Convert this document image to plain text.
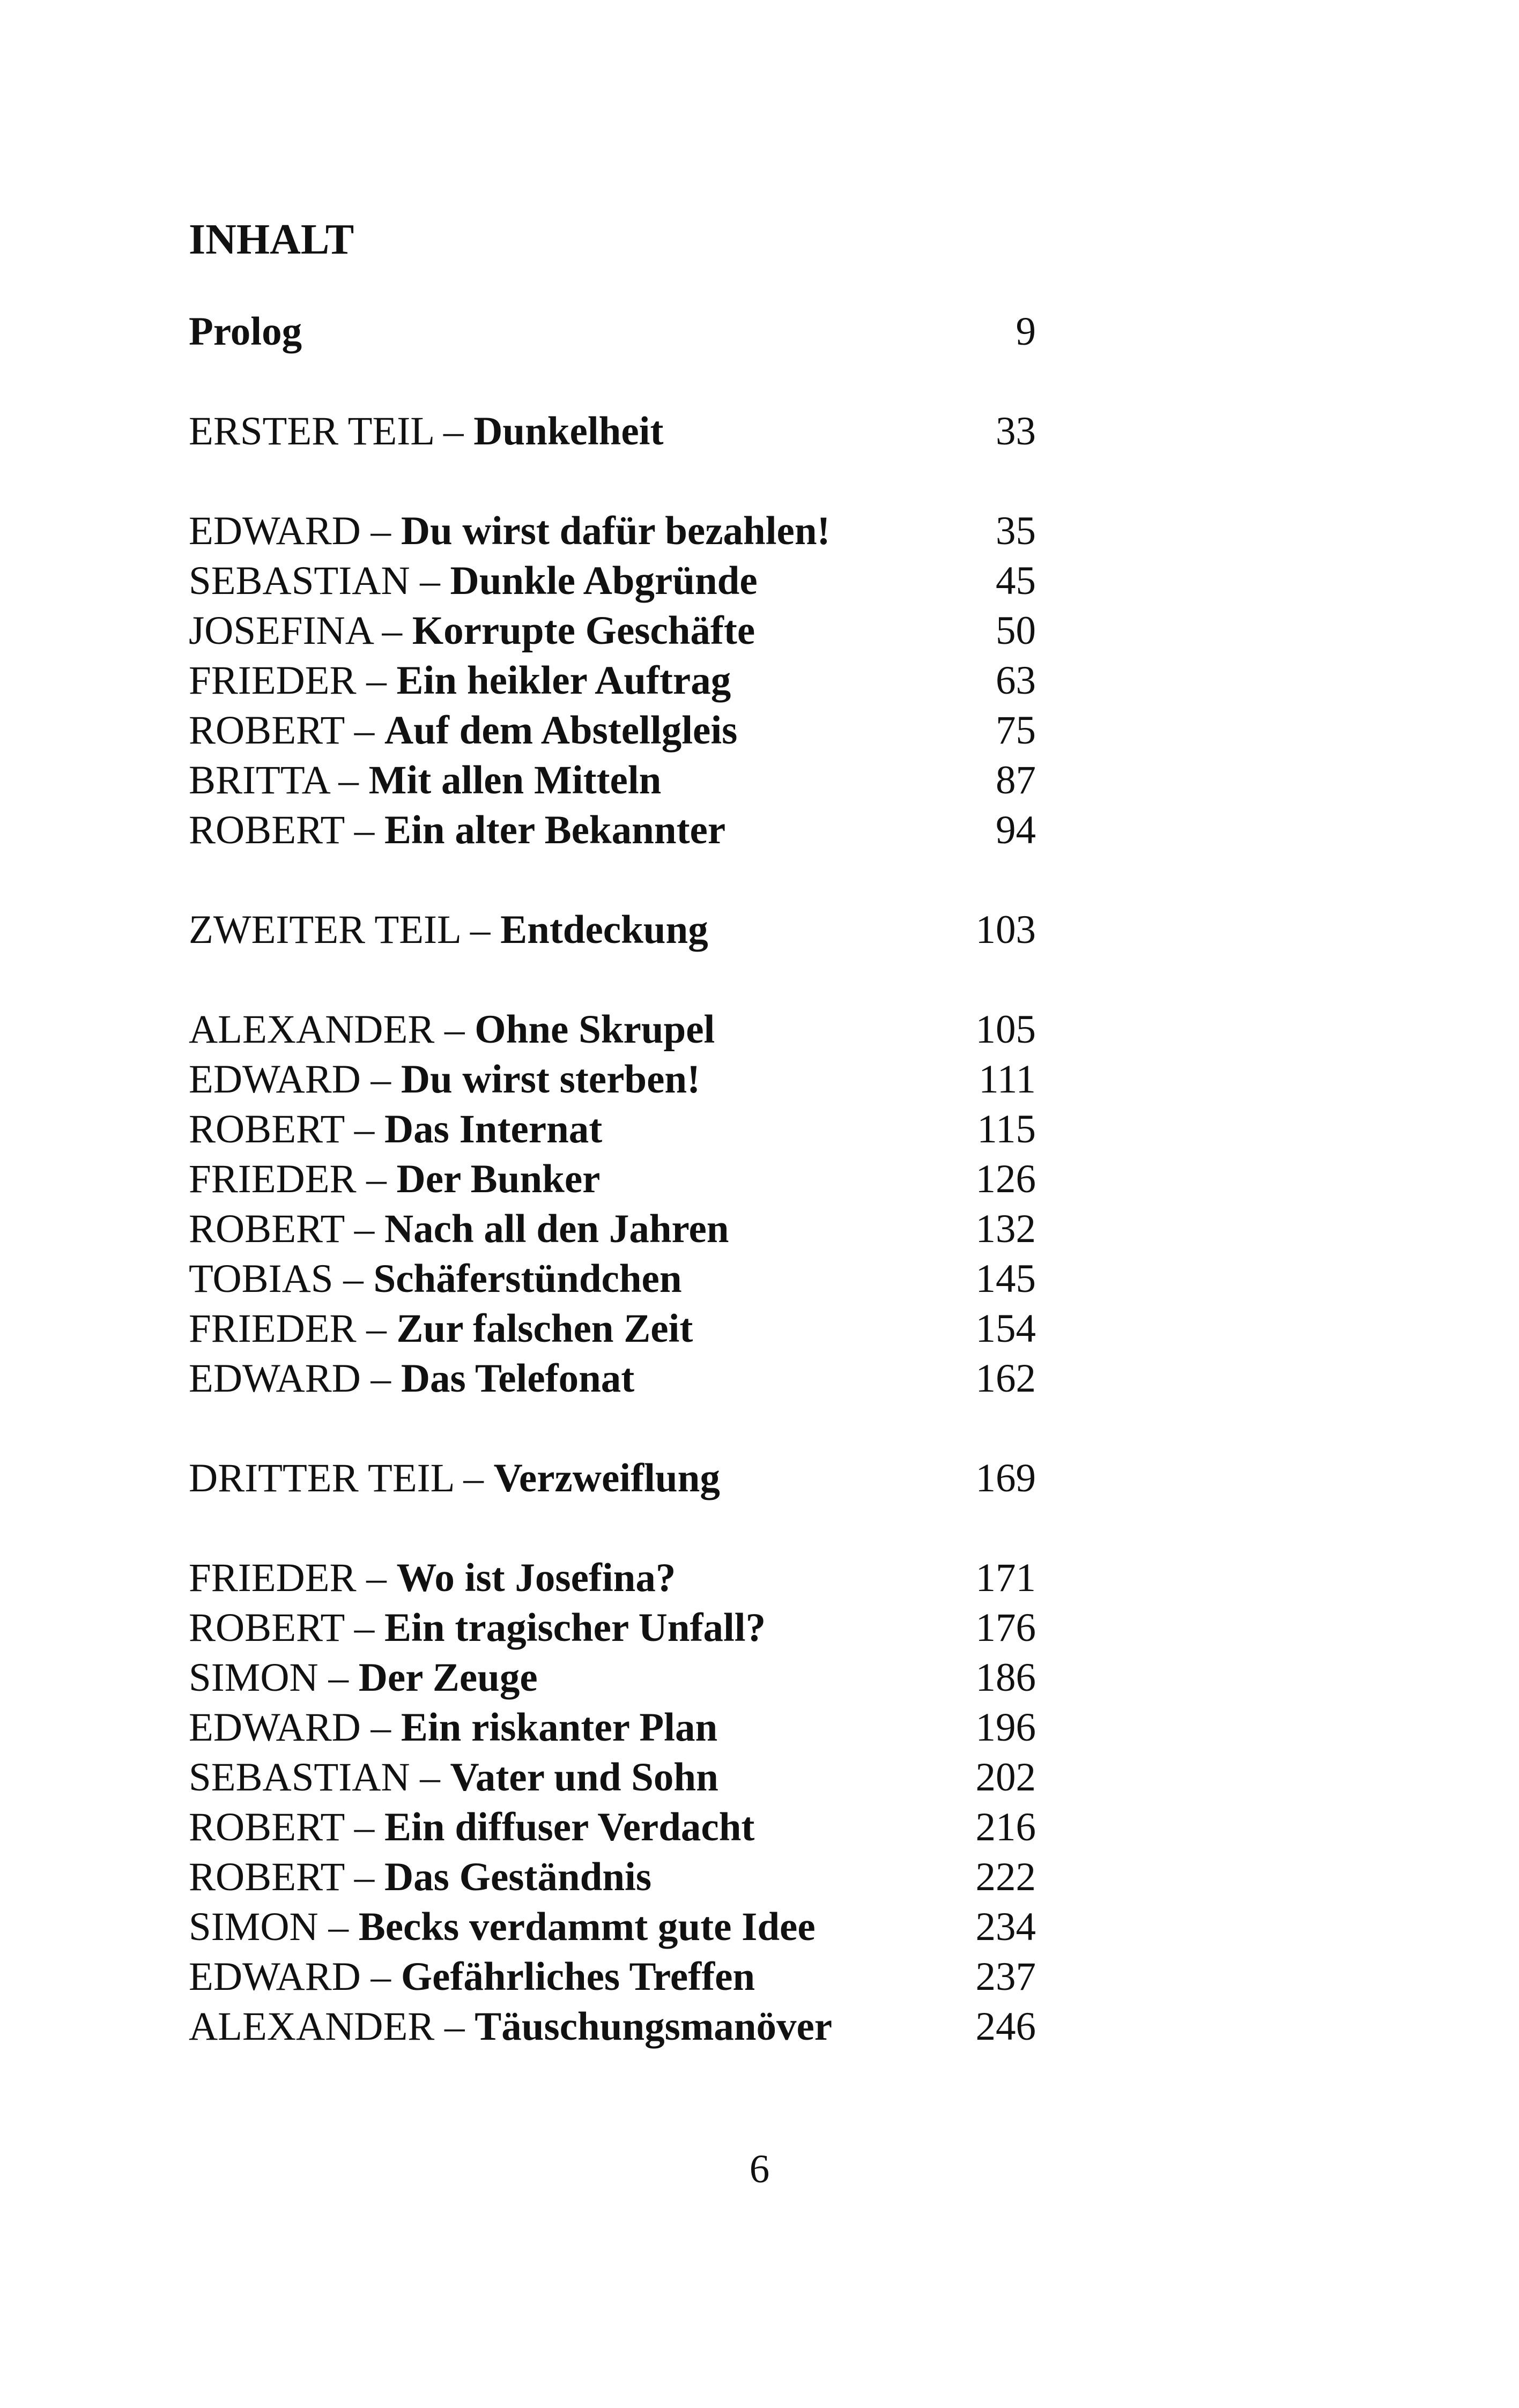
INHALT
Prolog	9
ERSTER TEIL – Dunkelheit	33
EDWARD – Du wirst dafür bezahlen!	35
SEBASTIAN – Dunkle Abgründe	45
JOSEFINA – Korrupte Geschäfte	50
FRIEDER – Ein heikler Auftrag	63
ROBERT – Auf dem Abstellgleis	75
BRITTA – Mit allen Mitteln	87
ROBERT – Ein alter Bekannter	94
ZWEITER TEIL – Entdeckung	103
ALEXANDER – Ohne Skrupel	105
EDWARD – Du wirst sterben!	111
ROBERT – Das Internat	115
FRIEDER – Der Bunker	126
ROBERT – Nach all den Jahren	132
TOBIAS – Schäferstündchen	145
FRIEDER – Zur falschen Zeit	154
EDWARD – Das Telefonat	162
DRITTER TEIL – Verzweiflung	169
FRIEDER – Wo ist Josefina?	171
ROBERT – Ein tragischer Unfall?	176
SIMON – Der Zeuge	186
EDWARD – Ein riskanter Plan	196
SEBASTIAN – Vater und Sohn	202
ROBERT – Ein diffuser Verdacht	216
ROBERT – Das Geständnis	222
SIMON – Becks verdammt gute Idee	234
EDWARD – Gefährliches Treffen	237
ALEXANDER – Täuschungsmanöver	246
6
